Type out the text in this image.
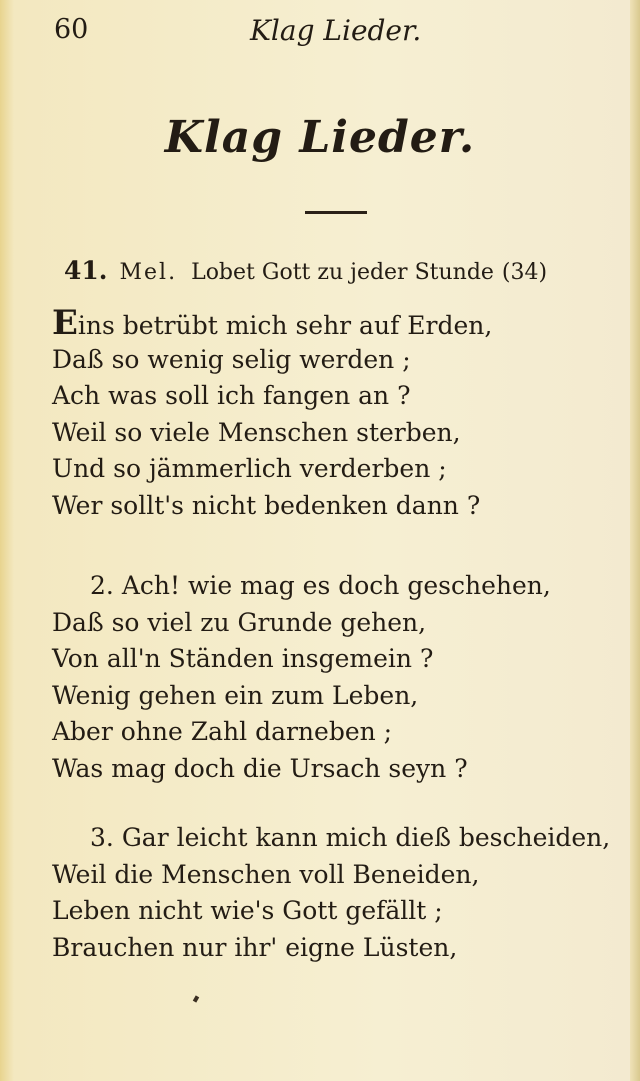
60	Klag Lieder.
Klag Lieder.
41. Mel. Lobet Gott zu jeder Stunde (34)
Eins betrübt mich sehr auf Erden,
Daß so wenig selig werden ;
Ach was soll ich fangen an ?
Weil so viele Menschen sterben,
Und so jämmerlich verderben ;
Wer sollt's nicht bedenken dann ?
2. Ach! wie mag es doch geschehen,
Daß so viel zu Grunde gehen,
Von all'n Ständen insgemein ?
Wenig gehen ein zum Leben,
Aber ohne Zahl darneben ;
Was mag doch die Ursach seyn ?
3. Gar leicht kann mich dieß bescheiden,
Weil die Menschen voll Beneiden,
Leben nicht wie's Gott gefällt ;
Brauchen nur ihr' eigne Lüsten,
